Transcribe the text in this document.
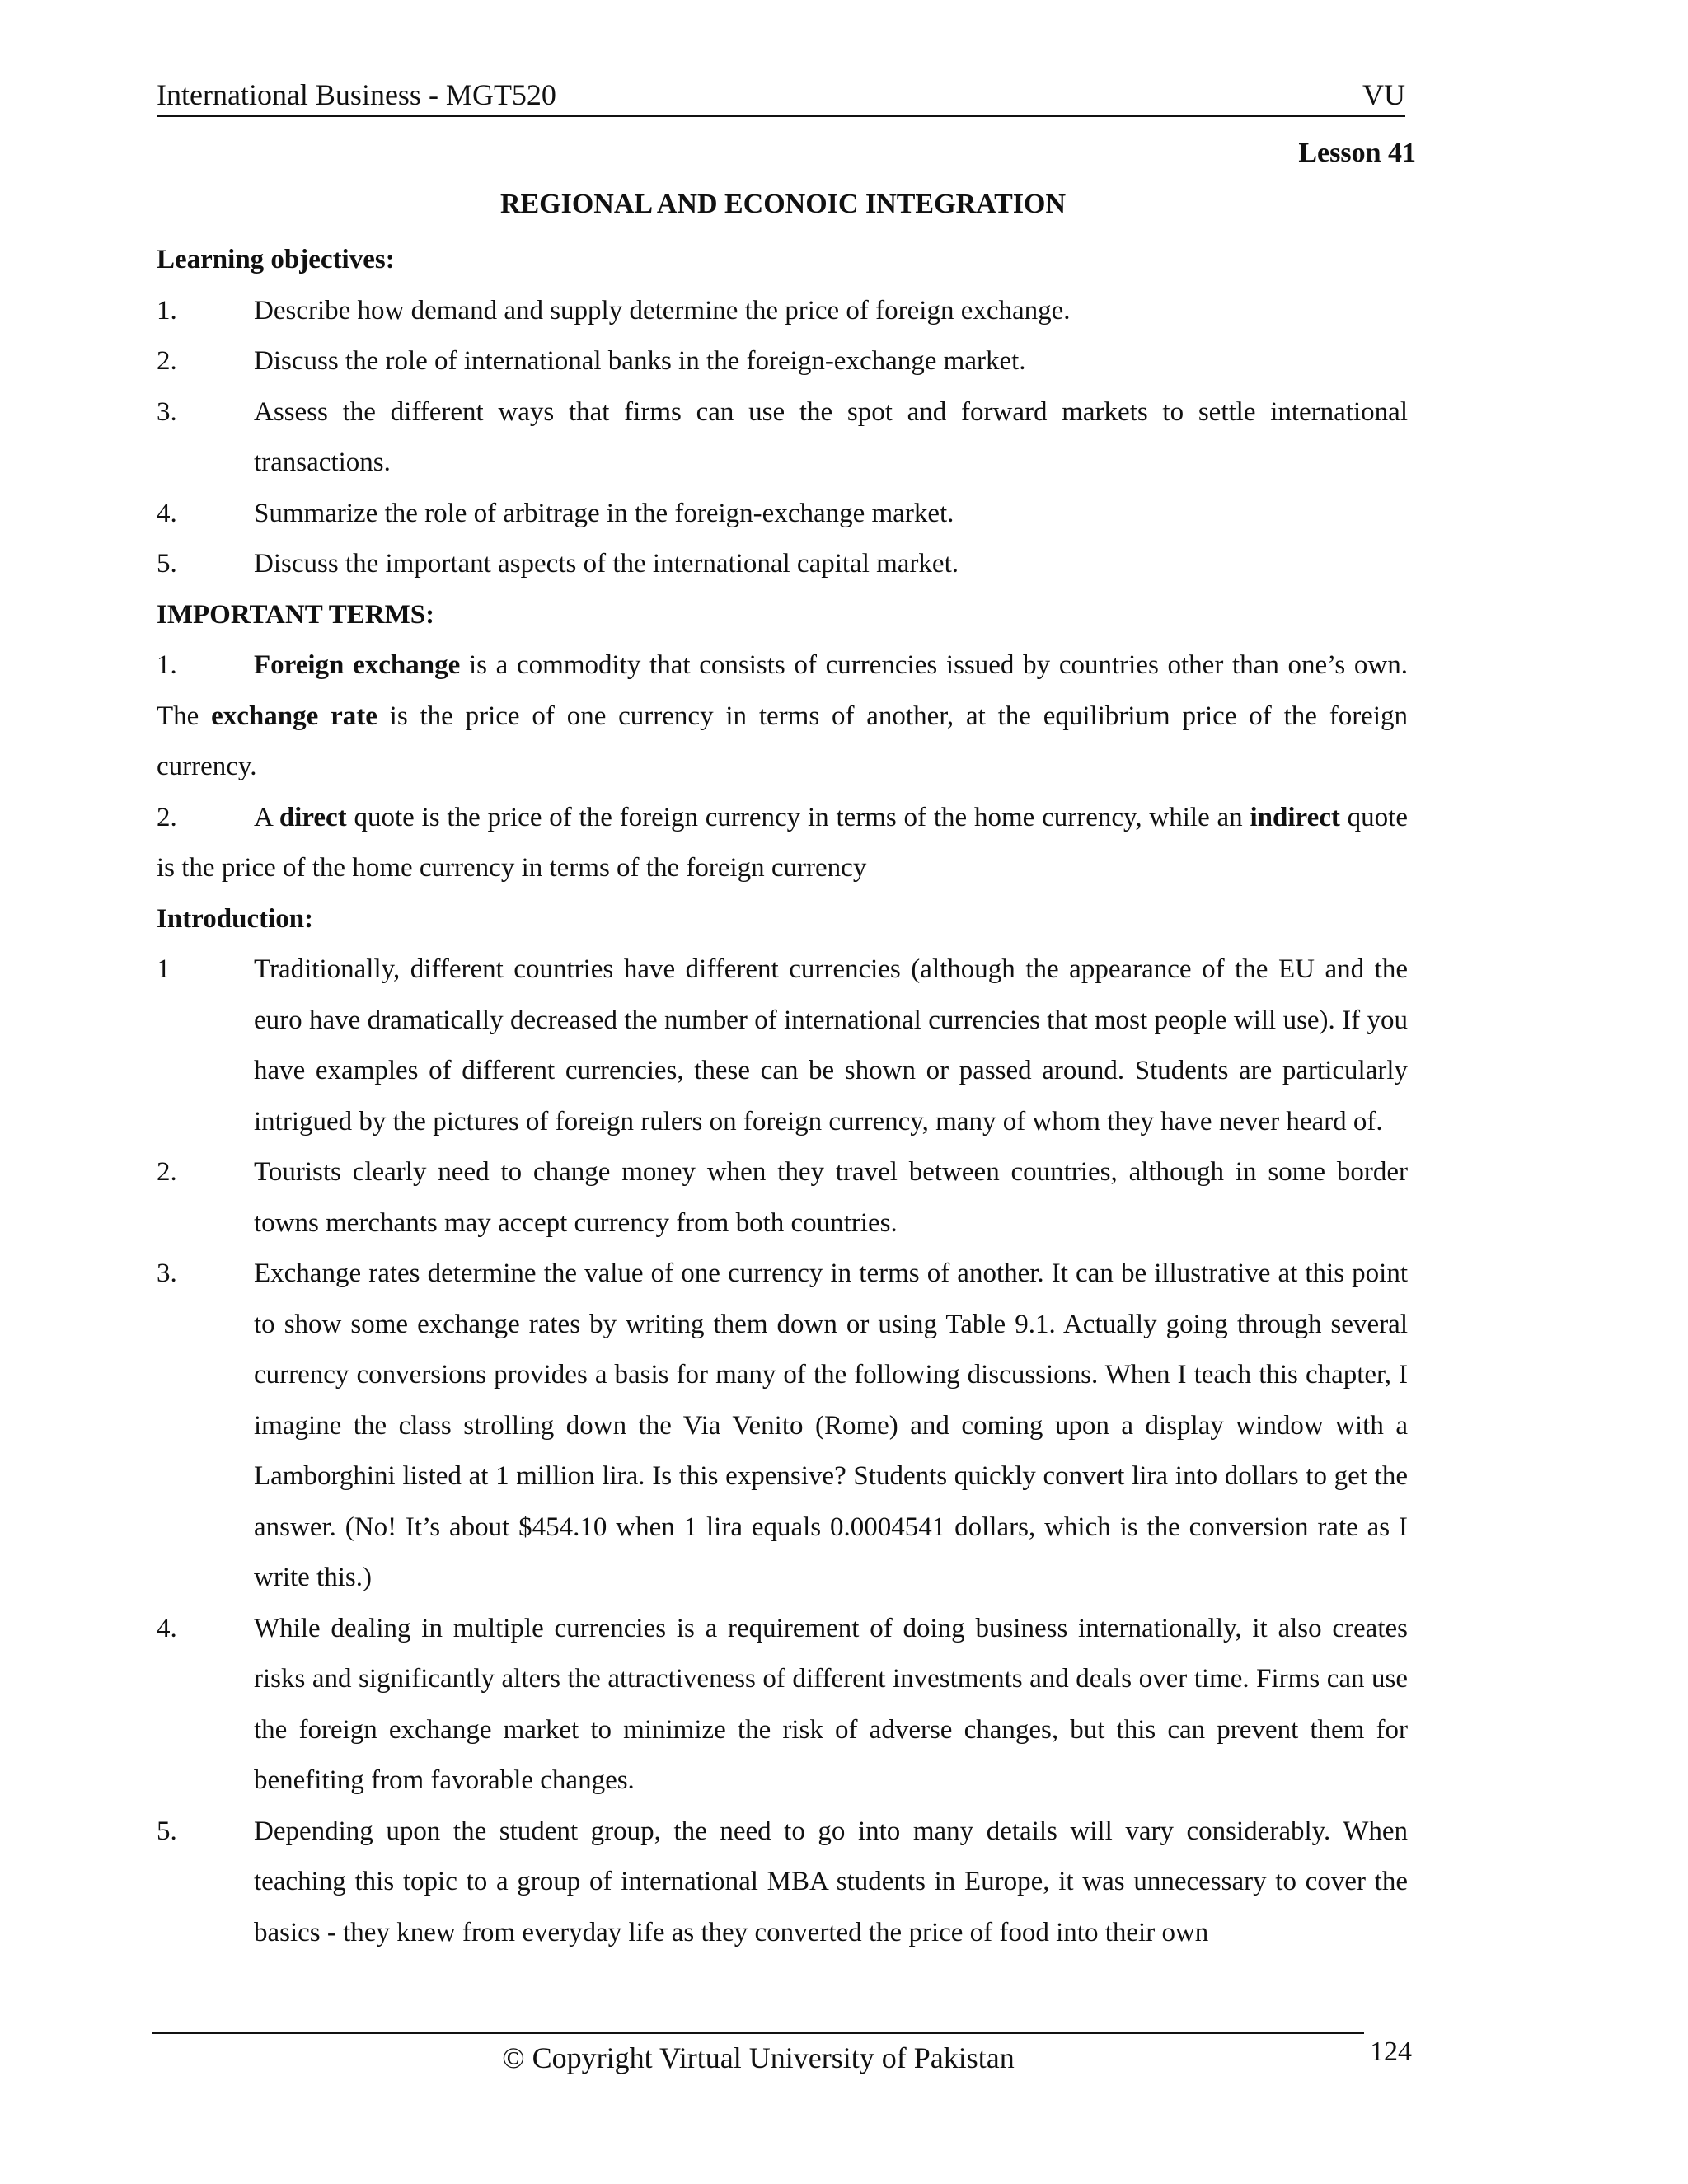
International Business - MGT520	VU
Lesson 41
REGIONAL AND ECONOIC INTEGRATION
Learning objectives:
1.	Describe how demand and supply determine the price of foreign exchange.
2.	Discuss the role of international banks in the foreign-exchange market.
3.	Assess the different ways that firms can use the spot and forward markets to settle international transactions.
4.	Summarize the role of arbitrage in the foreign-exchange market.
5.	Discuss the important aspects of the international capital market.
IMPORTANT TERMS:
1.	Foreign exchange is a commodity that consists of currencies issued by countries other than one’s own. The exchange rate is the price of one currency in terms of another, at the equilibrium price of the foreign currency.
2.	A direct quote is the price of the foreign currency in terms of the home currency, while an indirect quote is the price of the home currency in terms of the foreign currency
Introduction:
1	Traditionally, different countries have different currencies (although the appearance of the EU and the euro have dramatically decreased the number of international currencies that most people will use). If you have examples of different currencies, these can be shown or passed around. Students are particularly intrigued by the pictures of foreign rulers on foreign currency, many of whom they have never heard of.
2.	Tourists clearly need to change money when they travel between countries, although in some border towns merchants may accept currency from both countries.
3.	Exchange rates determine the value of one currency in terms of another. It can be illustrative at this point to show some exchange rates by writing them down or using Table 9.1. Actually going through several currency conversions provides a basis for many of the following discussions. When I teach this chapter, I imagine the class strolling down the Via Venito (Rome) and coming upon a display window with a Lamborghini listed at 1 million lira. Is this expensive? Students quickly convert lira into dollars to get the answer. (No! It’s about $454.10 when 1 lira equals 0.0004541 dollars, which is the conversion rate as I write this.)
4.	While dealing in multiple currencies is a requirement of doing business internationally, it also creates risks and significantly alters the attractiveness of different investments and deals over time. Firms can use the foreign exchange market to minimize the risk of adverse changes, but this can prevent them for benefiting from favorable changes.
5.	Depending upon the student group, the need to go into many details will vary considerably. When teaching this topic to a group of international MBA students in Europe, it was unnecessary to cover the basics - they knew from everyday life as they converted the price of food into their own
© Copyright Virtual University of Pakistan	124
